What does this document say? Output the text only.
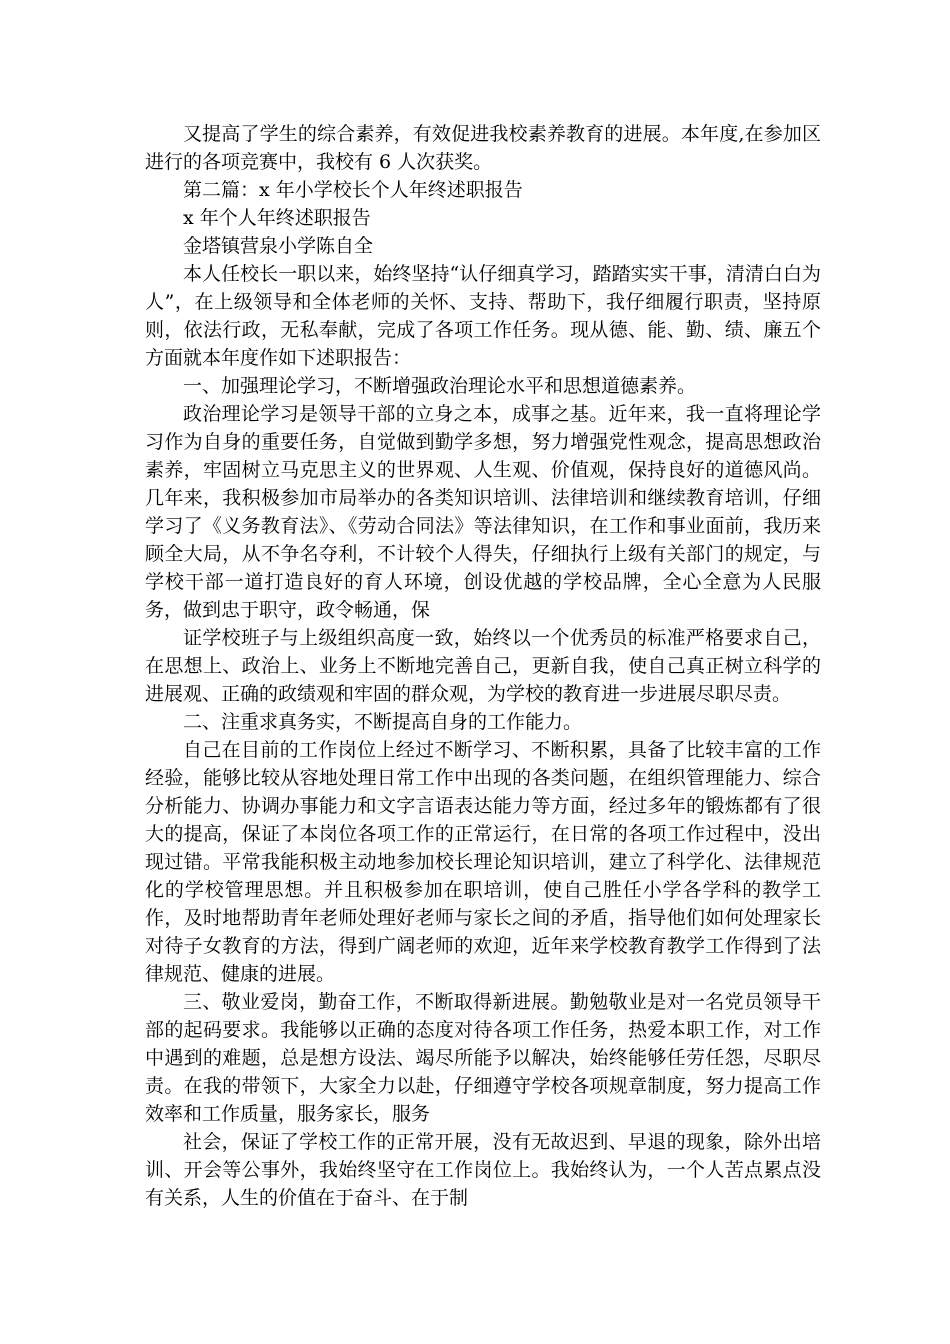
又提高了学生的综合素养，有效促进我校素养教育的进展。本年度,在参加区进行的各项竞赛中，我校有 6 人次获奖。

第二篇：x 年小学校长个人年终述职报告

x 年个人年终述职报告

金塔镇营泉小学陈自全

本人任校长一职以来，始终坚持“认仔细真学习，踏踏实实干事，清清白白为人”，在上级领导和全体老师的关怀、支持、帮助下，我仔细履行职责，坚持原则，依法行政，无私奉献，完成了各项工作任务。现从德、能、勤、绩、廉五个方面就本年度作如下述职报告：

一、加强理论学习，不断增强政治理论水平和思想道德素养。

政治理论学习是领导干部的立身之本，成事之基。近年来，我一直将理论学习作为自身的重要任务，自觉做到勤学多想，努力增强党性观念，提高思想政治素养，牢固树立马克思主义的世界观、人生观、价值观，保持良好的道德风尚。几年来，我积极参加市局举办的各类知识培训、法律培训和继续教育培训，仔细学习了《义务教育法》、《劳动合同法》等法律知识，在工作和事业面前，我历来顾全大局，从不争名夺利，不计较个人得失，仔细执行上级有关部门的规定，与学校干部一道打造良好的育人环境，创设优越的学校品牌，全心全意为人民服务，做到忠于职守，政令畅通，保

证学校班子与上级组织高度一致，始终以一个优秀员的标准严格要求自己，在思想上、政治上、业务上不断地完善自己，更新自我，使自己真正树立科学的进展观、正确的政绩观和牢固的群众观，为学校的教育进一步进展尽职尽责。

二、注重求真务实，不断提高自身的工作能力。

自己在目前的工作岗位上经过不断学习、不断积累，具备了比较丰富的工作经验，能够比较从容地处理日常工作中出现的各类问题，在组织管理能力、综合分析能力、协调办事能力和文字言语表达能力等方面，经过多年的锻炼都有了很大的提高，保证了本岗位各项工作的正常运行，在日常的各项工作过程中，没出现过错。平常我能积极主动地参加校长理论知识培训，建立了科学化、法律规范化的学校管理思想。并且积极参加在职培训，使自己胜任小学各学科的教学工作，及时地帮助青年老师处理好老师与家长之间的矛盾，指导他们如何处理家长对待子女教育的方法，得到广阔老师的欢迎，近年来学校教育教学工作得到了法律规范、健康的进展。

三、敬业爱岗，勤奋工作，不断取得新进展。勤勉敬业是对一名党员领导干部的起码要求。我能够以正确的态度对待各项工作任务，热爱本职工作，对工作中遇到的难题，总是想方设法、竭尽所能予以解决，始终能够任劳任怨，尽职尽责。在我的带领下，大家全力以赴，仔细遵守学校各项规章制度，努力提高工作效率和工作质量，服务家长，服务

社会，保证了学校工作的正常开展，没有无故迟到、早退的现象，除外出培训、开会等公事外，我始终坚守在工作岗位上。我始终认为，一个人苦点累点没有关系，人生的价值在于奋斗、在于制
